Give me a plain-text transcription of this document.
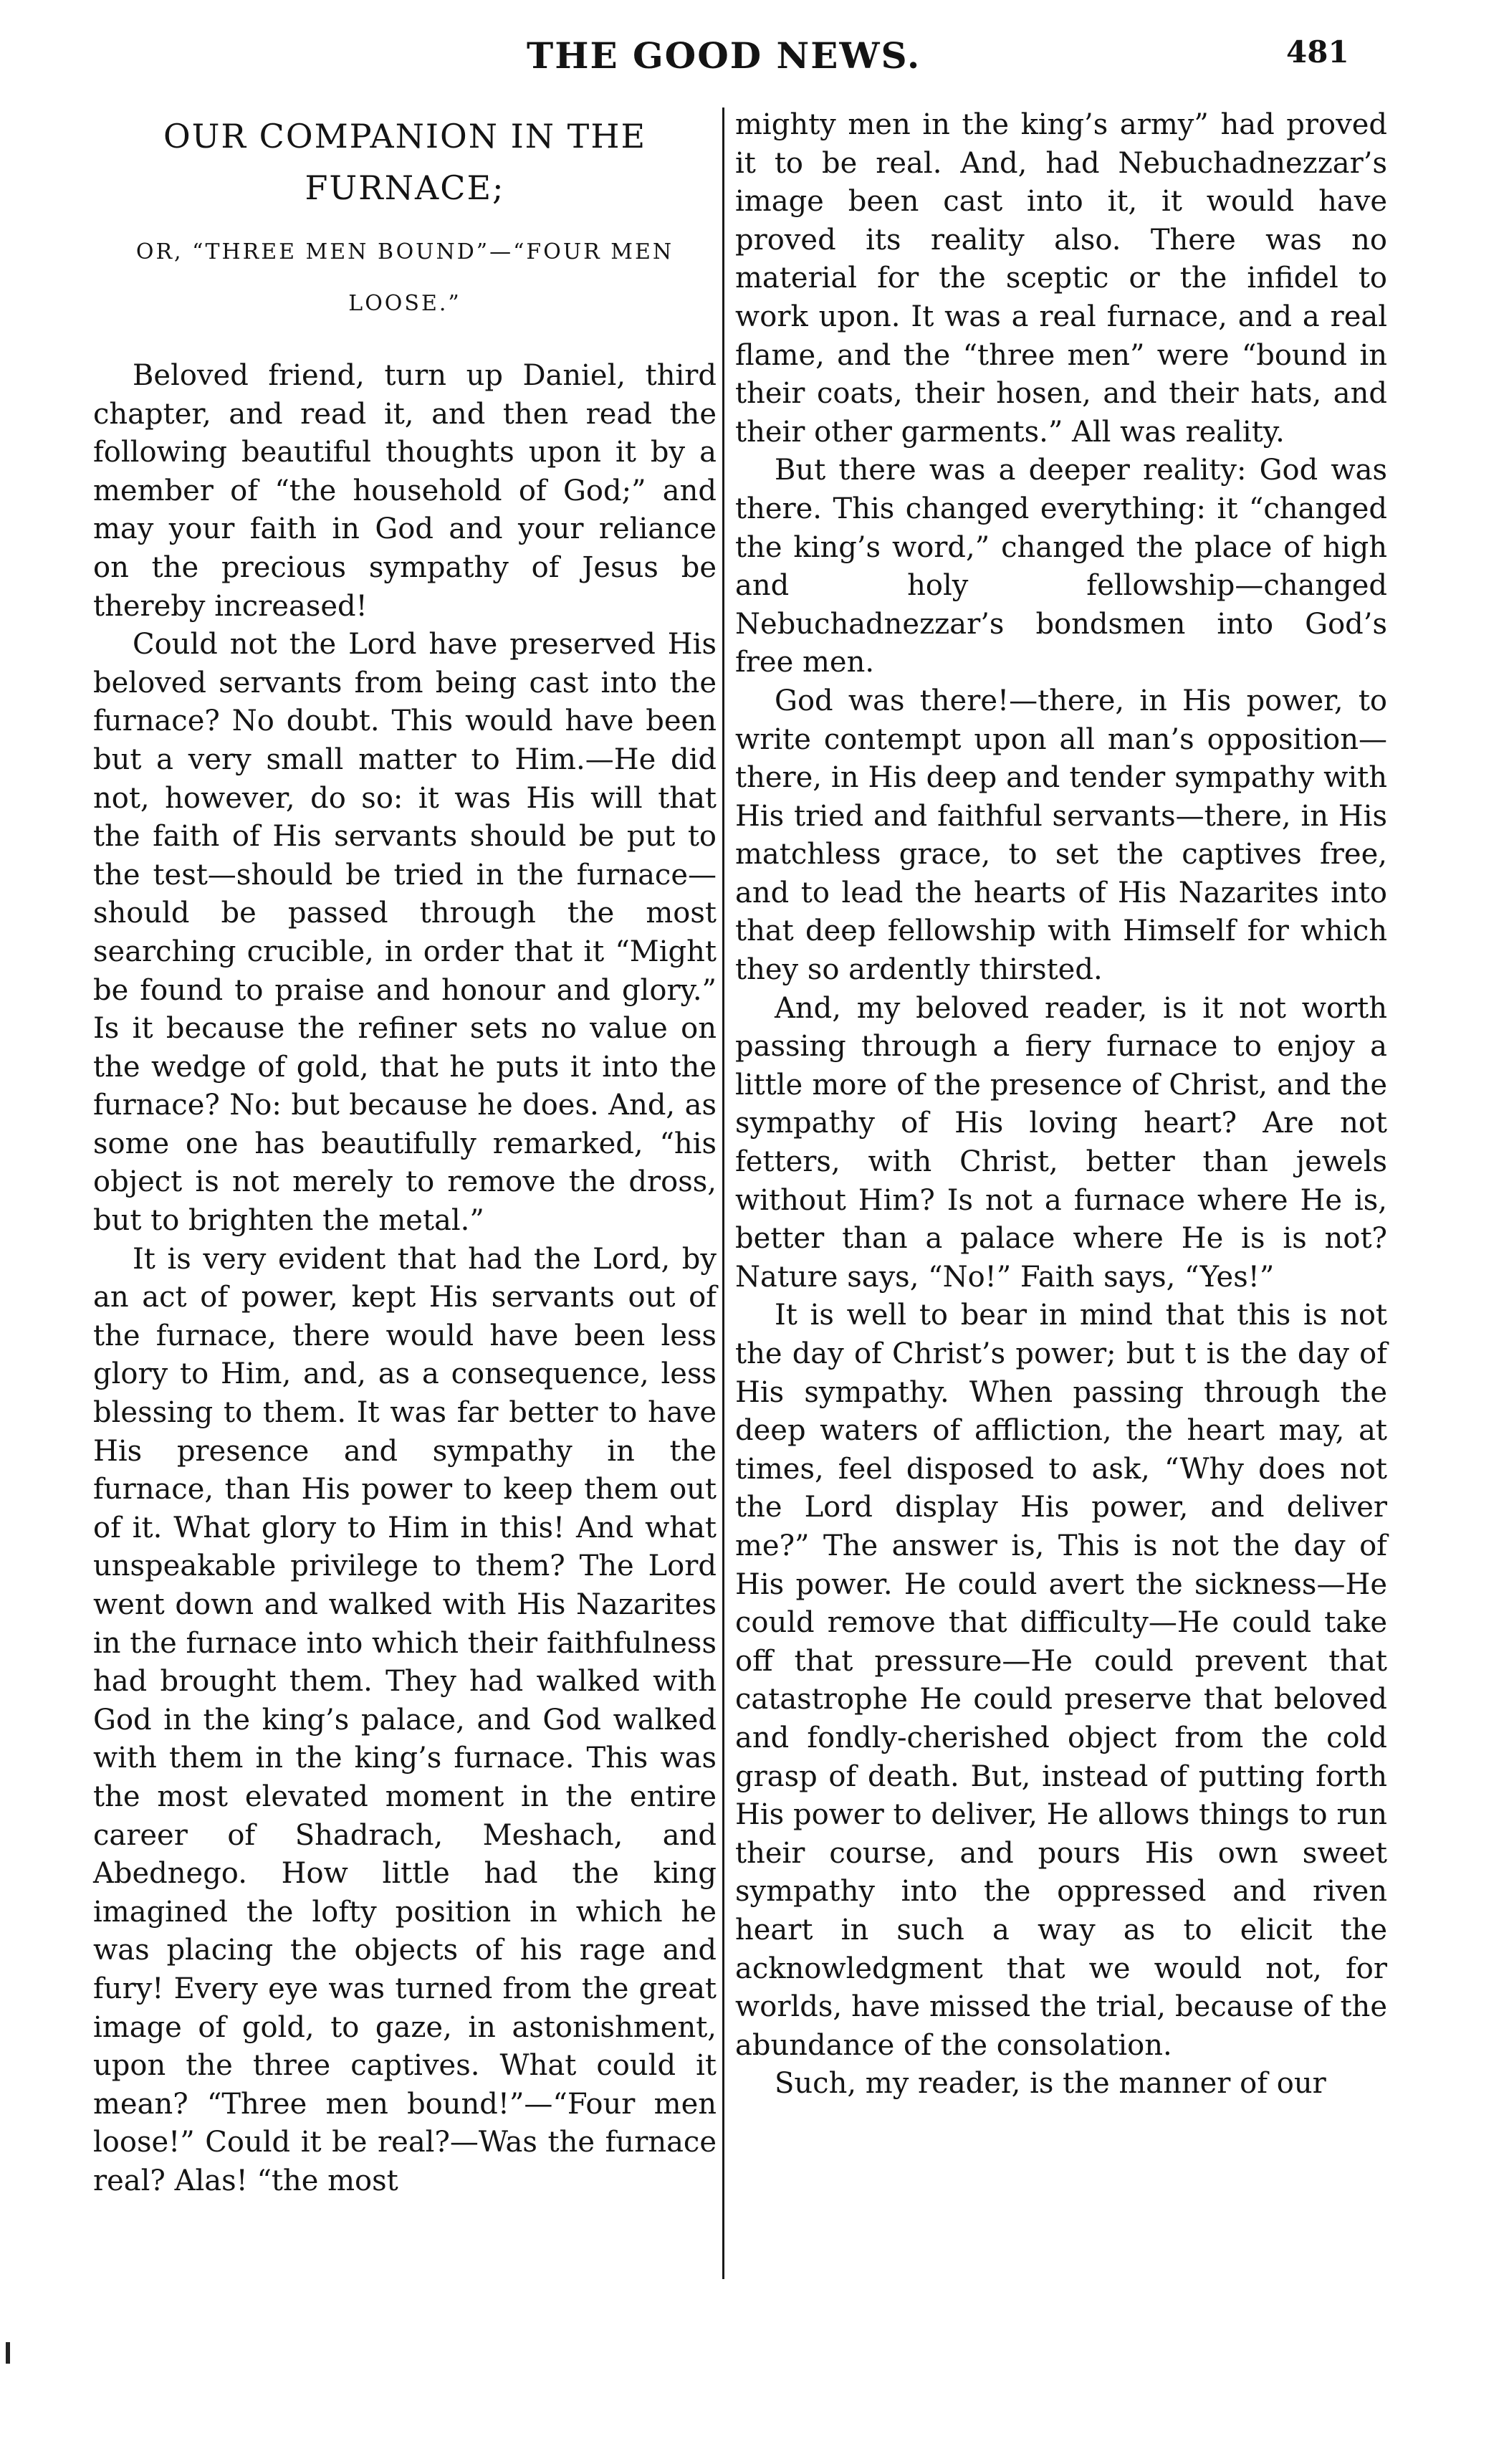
THE GOOD NEWS.	481
OUR COMPANION IN THE FURNACE;
OR, “THREE MEN BOUND”—“FOUR MEN LOOSE.”

Beloved friend, turn up Daniel, third chapter, and read it, and then read the following beautiful thoughts upon it by a member of “the household of God;” and may your faith in God and your reliance on the precious sympathy of Jesus be thereby increased!

Could not the Lord have preserved His beloved servants from being cast into the furnace? No doubt. This would have been but a very small matter to Him.—He did not, however, do so: it was His will that the faith of His servants should be put to the test—should be tried in the furnace—should be passed through the most searching crucible, in order that it “Might be found to praise and honour and glory.” Is it because the refiner sets no value on the wedge of gold, that he puts it into the furnace? No: but because he does. And, as some one has beautifully remarked, “his object is not merely to remove the dross, but to brighten the metal.”

It is very evident that had the Lord, by an act of power, kept His servants out of the furnace, there would have been less glory to Him, and, as a consequence, less blessing to them. It was far better to have His presence and sympathy in the furnace, than His power to keep them out of it. What glory to Him in this! And what unspeakable privilege to them? The Lord went down and walked with His Nazarites in the furnace into which their faithfulness had brought them. They had walked with God in the king’s palace, and God walked with them in the king’s furnace. This was the most elevated moment in the entire career of Shadrach, Meshach, and Abednego. How little had the king imagined the lofty position in which he was placing the objects of his rage and fury! Every eye was turned from the great image of gold, to gaze, in astonishment, upon the three captives. What could it mean? “Three men bound!”—“Four men loose!” Could it be real?—Was the furnace real? Alas! “the most

mighty men in the king’s army” had proved it to be real. And, had Nebuchadnezzar’s image been cast into it, it would have proved its reality also. There was no material for the sceptic or the infidel to work upon. It was a real furnace, and a real flame, and the “three men” were “bound in their coats, their hosen, and their hats, and their other garments.” All was reality.

But there was a deeper reality: God was there. This changed everything: it “changed the king’s word,” changed the place of high and holy fellowship—changed Nebuchadnezzar’s bondsmen into God’s free men.

God was there!—there, in His power, to write contempt upon all man’s opposition—there, in His deep and tender sympathy with His tried and faithful servants—there, in His matchless grace, to set the captives free, and to lead the hearts of His Nazarites into that deep fellowship with Himself for which they so ardently thirsted.

And, my beloved reader, is it not worth passing through a fiery furnace to enjoy a little more of the presence of Christ, and the sympathy of His loving heart? Are not fetters, with Christ, better than jewels without Him? Is not a furnace where He is, better than a palace where He is is not? Nature says, “No!” Faith says, “Yes!”

It is well to bear in mind that this is not the day of Christ’s power; but t is the day of His sympathy. When passing through the deep waters of affliction, the heart may, at times, feel disposed to ask, “Why does not the Lord display His power, and deliver me?” The answer is, This is not the day of His power. He could avert the sickness—He could remove that difficulty—He could take off that pressure—He could prevent that catastrophe He could preserve that beloved and fondly-cherished object from the cold grasp of death. But, instead of putting forth His power to deliver, He allows things to run their course, and pours His own sweet sympathy into the oppressed and riven heart in such a way as to elicit the acknowledgment that we would not, for worlds, have missed the trial, because of the abundance of the consolation.

Such, my reader, is the manner of our
